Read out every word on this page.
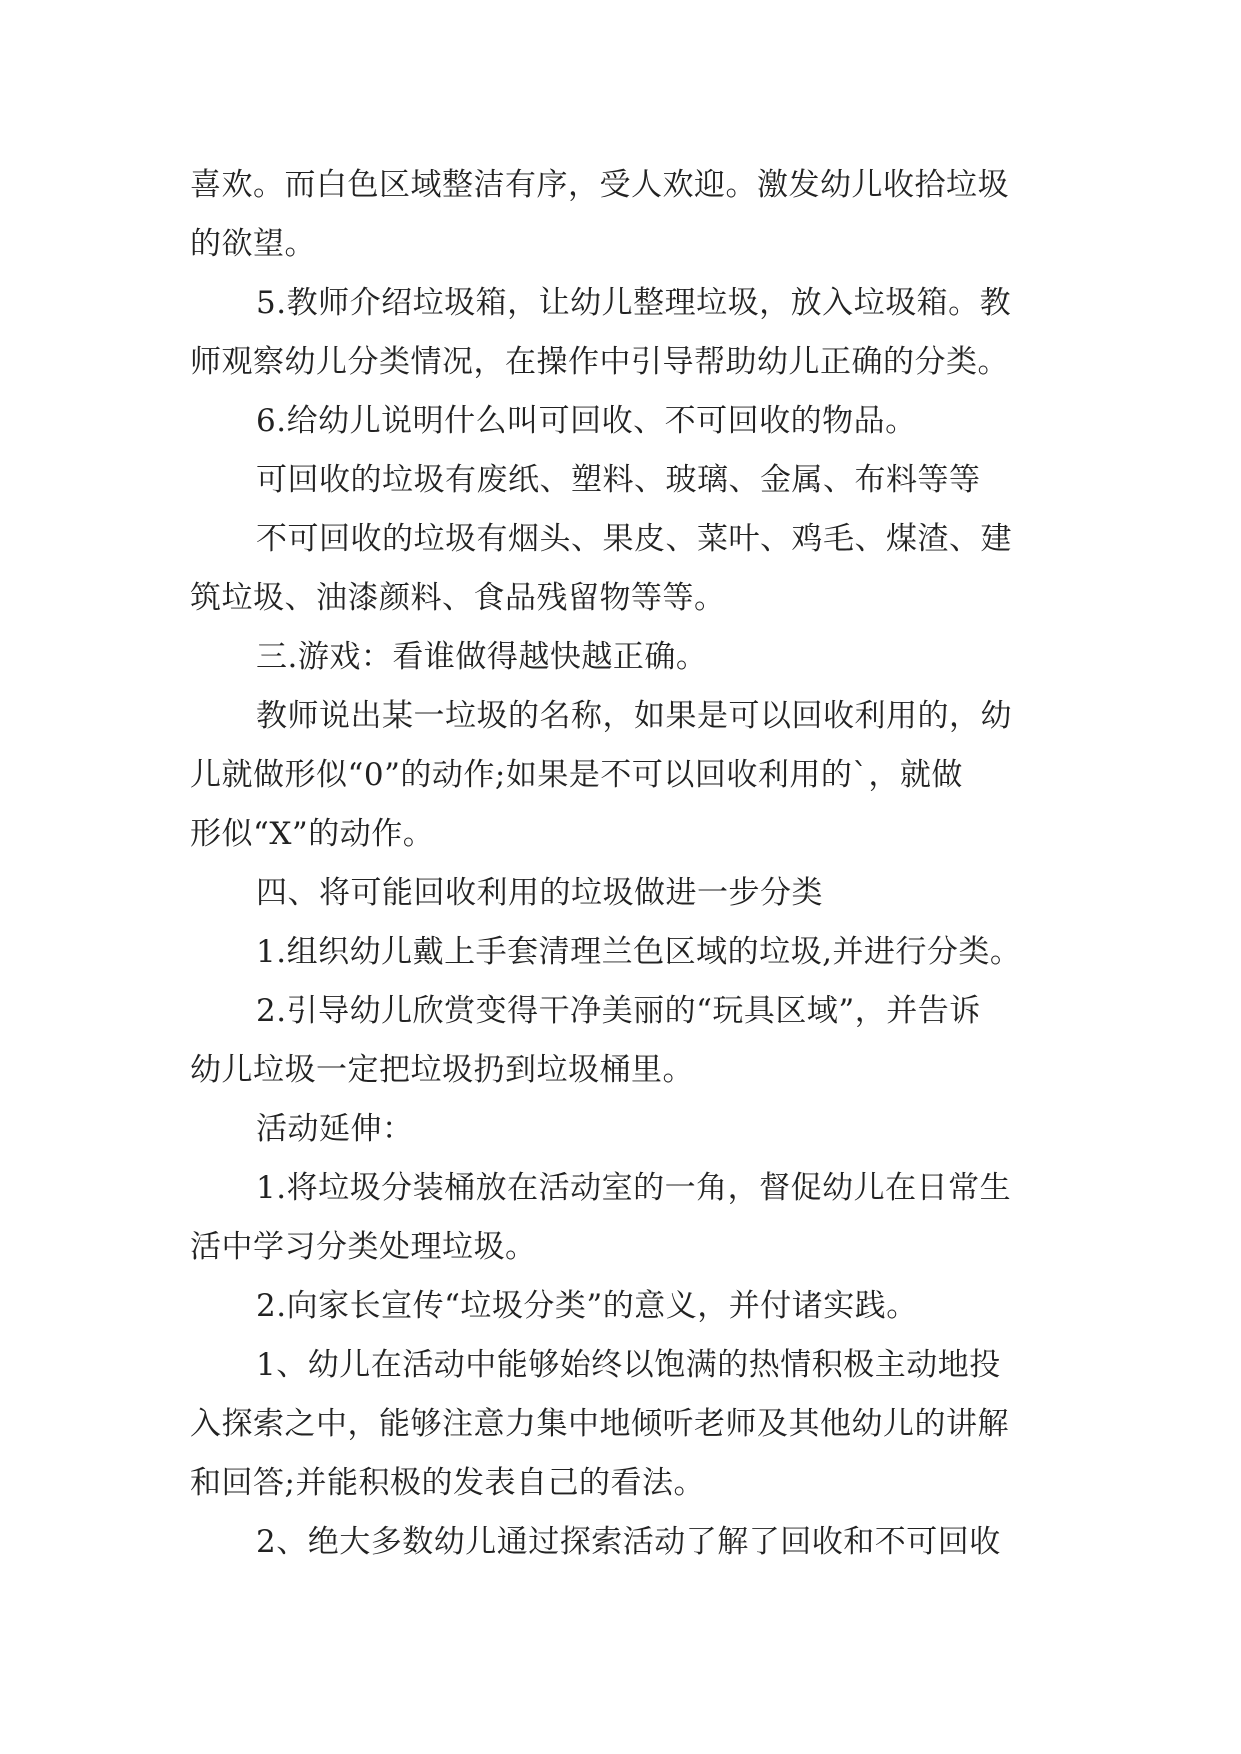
喜欢。而白色区域整洁有序，受人欢迎。激发幼儿收拾垃圾
的欲望。
5.教师介绍垃圾箱，让幼儿整理垃圾，放入垃圾箱。教
师观察幼儿分类情况，在操作中引导帮助幼儿正确的分类。
6.给幼儿说明什么叫可回收、不可回收的物品。
可回收的垃圾有废纸、塑料、玻璃、金属、布料等等
不可回收的垃圾有烟头、果皮、菜叶、鸡毛、煤渣、建
筑垃圾、油漆颜料、食品残留物等等。
三.游戏：看谁做得越快越正确。
教师说出某一垃圾的名称，如果是可以回收利用的，幼
儿就做形似“0”的动作;如果是不可以回收利用的`，就做
形似“X”的动作。
四、将可能回收利用的垃圾做进一步分类
1.组织幼儿戴上手套清理兰色区域的垃圾,并进行分类。
2.引导幼儿欣赏变得干净美丽的“玩具区域”，并告诉
幼儿垃圾一定把垃圾扔到垃圾桶里。
活动延伸：
1.将垃圾分装桶放在活动室的一角，督促幼儿在日常生
活中学习分类处理垃圾。
2.向家长宣传“垃圾分类”的意义，并付诸实践。
1、幼儿在活动中能够始终以饱满的热情积极主动地投
入探索之中，能够注意力集中地倾听老师及其他幼儿的讲解
和回答;并能积极的发表自己的看法。
2、绝大多数幼儿通过探索活动了解了回收和不可回收
